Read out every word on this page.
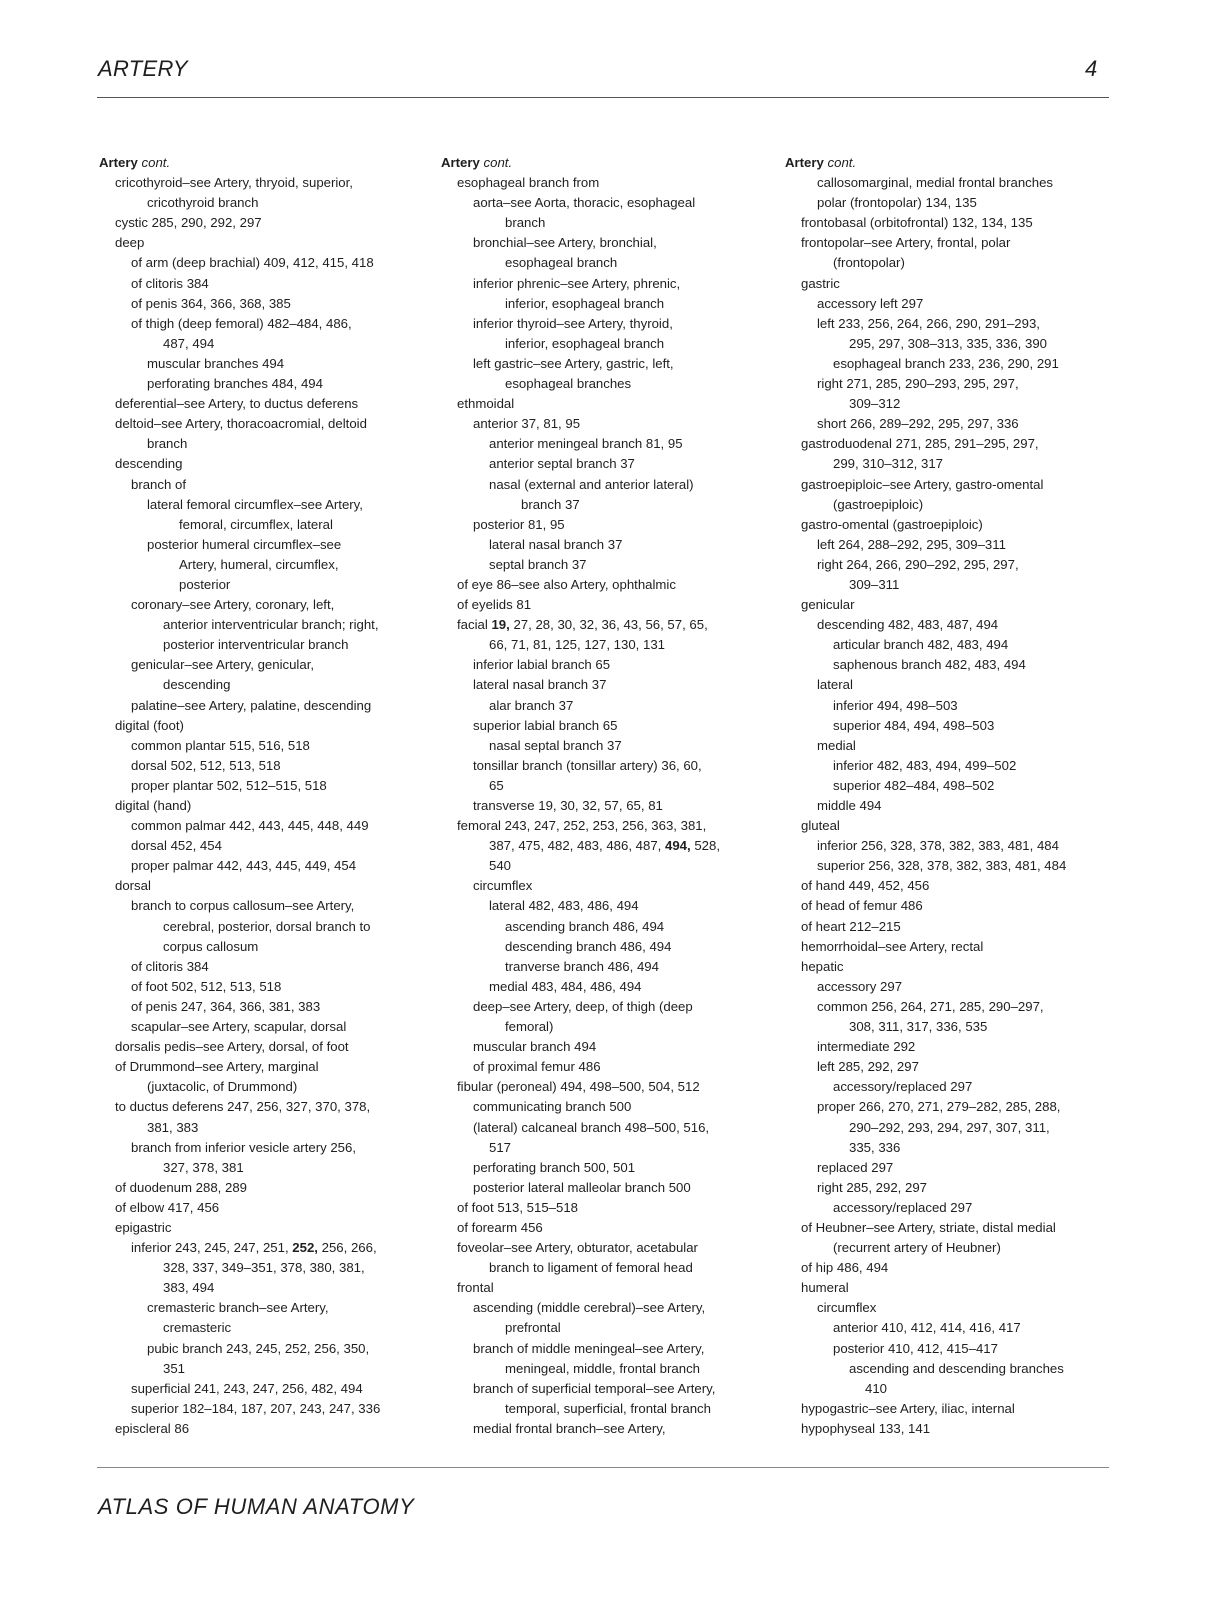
ARTERY	4
Artery cont.
cricothyroid–see Artery, thryoid, superior,
cricothyroid branch
cystic 285, 290, 292, 297
deep
of arm (deep brachial) 409, 412, 415, 418
of clitoris 384
of penis 364, 366, 368, 385
of thigh (deep femoral) 482–484, 486,
487, 494
muscular branches 494
perforating branches 484, 494
deferential–see Artery, to ductus deferens
deltoid–see Artery, thoracoacromial, deltoid
branch
descending
branch of
lateral femoral circumflex–see Artery,
femoral, circumflex, lateral
posterior humeral circumflex–see
Artery, humeral, circumflex,
posterior
coronary–see Artery, coronary, left,
anterior interventricular branch; right,
posterior interventricular branch
genicular–see Artery, genicular,
descending
palatine–see Artery, palatine, descending
digital (foot)
common plantar 515, 516, 518
dorsal 502, 512, 513, 518
proper plantar 502, 512–515, 518
digital (hand)
common palmar 442, 443, 445, 448, 449
dorsal 452, 454
proper palmar 442, 443, 445, 449, 454
dorsal
branch to corpus callosum–see Artery,
cerebral, posterior, dorsal branch to
corpus callosum
of clitoris 384
of foot 502, 512, 513, 518
of penis 247, 364, 366, 381, 383
scapular–see Artery, scapular, dorsal
dorsalis pedis–see Artery, dorsal, of foot
of Drummond–see Artery, marginal
(juxtacolic, of Drummond)
to ductus deferens 247, 256, 327, 370, 378,
381, 383
branch from inferior vesicle artery 256,
327, 378, 381
of duodenum 288, 289
of elbow 417, 456
epigastric
inferior 243, 245, 247, 251, 252, 256, 266,
328, 337, 349–351, 378, 380, 381,
383, 494
cremasteric branch–see Artery,
cremasteric
pubic branch 243, 245, 252, 256, 350,
351
superficial 241, 243, 247, 256, 482, 494
superior 182–184, 187, 207, 243, 247, 336
episcleral 86
Artery cont.
esophageal branch from
aorta–see Aorta, thoracic, esophageal
branch
bronchial–see Artery, bronchial,
esophageal branch
inferior phrenic–see Artery, phrenic,
inferior, esophageal branch
inferior thyroid–see Artery, thyroid,
inferior, esophageal branch
left gastric–see Artery, gastric, left,
esophageal branches
ethmoidal
anterior 37, 81, 95
anterior meningeal branch 81, 95
anterior septal branch 37
nasal (external and anterior lateral)
branch 37
posterior 81, 95
lateral nasal branch 37
septal branch 37
of eye 86–see also Artery, ophthalmic
of eyelids 81
facial 19, 27, 28, 30, 32, 36, 43, 56, 57, 65,
66, 71, 81, 125, 127, 130, 131
inferior labial branch 65
lateral nasal branch 37
alar branch 37
superior labial branch 65
nasal septal branch 37
tonsillar branch (tonsillar artery) 36, 60,
65
transverse 19, 30, 32, 57, 65, 81
femoral 243, 247, 252, 253, 256, 363, 381,
387, 475, 482, 483, 486, 487, 494, 528,
540
circumflex
lateral 482, 483, 486, 494
ascending branch 486, 494
descending branch 486, 494
tranverse branch 486, 494
medial 483, 484, 486, 494
deep–see Artery, deep, of thigh (deep
femoral)
muscular branch 494
of proximal femur 486
fibular (peroneal) 494, 498–500, 504, 512
communicating branch 500
(lateral) calcaneal branch 498–500, 516,
517
perforating branch 500, 501
posterior lateral malleolar branch 500
of foot 513, 515–518
of forearm 456
foveolar–see Artery, obturator, acetabular
branch to ligament of femoral head
frontal
ascending (middle cerebral)–see Artery,
prefrontal
branch of middle meningeal–see Artery,
meningeal, middle, frontal branch
branch of superficial temporal–see Artery,
temporal, superficial, frontal branch
medial frontal branch–see Artery,
Artery cont.
callosomarginal, medial frontal branches
polar (frontopolar) 134, 135
frontobasal (orbitofrontal) 132, 134, 135
frontopolar–see Artery, frontal, polar
(frontopolar)
gastric
accessory left 297
left 233, 256, 264, 266, 290, 291–293,
295, 297, 308–313, 335, 336, 390
esophageal branch 233, 236, 290, 291
right 271, 285, 290–293, 295, 297,
309–312
short 266, 289–292, 295, 297, 336
gastroduodenal 271, 285, 291–295, 297,
299, 310–312, 317
gastroepiploic–see Artery, gastro-omental
(gastroepiploic)
gastro-omental (gastroepiploic)
left 264, 288–292, 295, 309–311
right 264, 266, 290–292, 295, 297,
309–311
genicular
descending 482, 483, 487, 494
articular branch 482, 483, 494
saphenous branch 482, 483, 494
lateral
inferior 494, 498–503
superior 484, 494, 498–503
medial
inferior 482, 483, 494, 499–502
superior 482–484, 498–502
middle 494
gluteal
inferior 256, 328, 378, 382, 383, 481, 484
superior 256, 328, 378, 382, 383, 481, 484
of hand 449, 452, 456
of head of femur 486
of heart 212–215
hemorrhoidal–see Artery, rectal
hepatic
accessory 297
common 256, 264, 271, 285, 290–297,
308, 311, 317, 336, 535
intermediate 292
left 285, 292, 297
accessory/replaced 297
proper 266, 270, 271, 279–282, 285, 288,
290–292, 293, 294, 297, 307, 311,
335, 336
replaced 297
right 285, 292, 297
accessory/replaced 297
of Heubner–see Artery, striate, distal medial
(recurrent artery of Heubner)
of hip 486, 494
humeral
circumflex
anterior 410, 412, 414, 416, 417
posterior 410, 412, 415–417
ascending and descending branches
410
hypogastric–see Artery, iliac, internal
hypophyseal 133, 141
ATLAS OF HUMAN ANATOMY
